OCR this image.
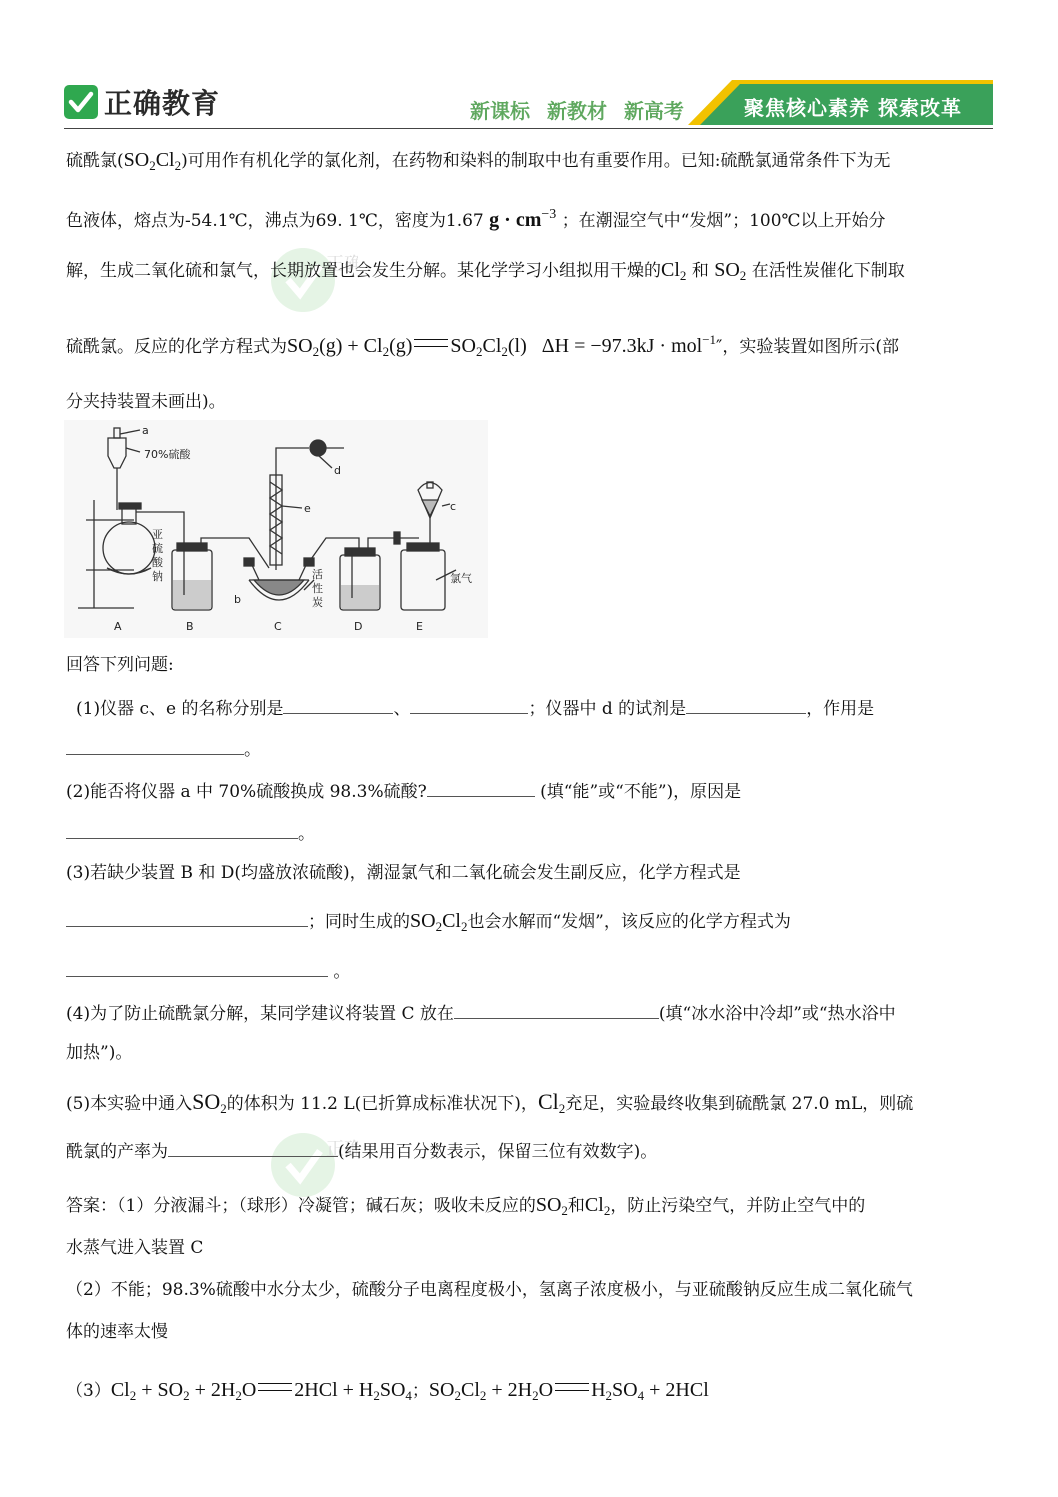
正确教育	新课标 新教材 新高考	聚焦核心素养 探索改革
正确
正确
硫酰氯$(SO_2Cl_2)$可用作有机化学的氯化剂，在药物和染料的制取中也有重要作用。已知:硫酰氯通常条件下为无
色液体，熔点为-54.1℃，沸点为69. 1℃，密度为1.67 $g \cdot cm^{-3}$ ；在潮湿空气中“发烟”；100℃以上开始分
解，生成二氧化硫和氯气，长期放置也会发生分解。某化学学习小组拟用干燥的$Cl_2$ 和 $SO_2$ 在活性炭催化下制取
硫酰氯。反应的化学方程式为$SO_2(g) + Cl_2(g)$ $SO_2Cl_2(l) \Delta H = -97.3kJ \cdot mol^{-1}''$，实验装置如图所示(部
分夹持装置未画出)。
a
70%硫酸
亚
硫
酸
钠
b
活
性
炭
d
e	c
氯气
A	B	C	D	E
回答下列问题:
(1)仪器 c、e 的名称分别是	、	；仪器中 d 的试剂是	，作用是
。
(2)能否将仪器 a 中 70%硫酸换成 98.3%硫酸?	(填“能”或“不能”)，原因是
。
(3)若缺少装置 B 和 D(均盛放浓硫酸)，潮湿氯气和二氧化硫会发生副反应，化学方程式是
；同时生成的$SO_2Cl_2$也会水解而“发烟”，该反应的化学方程式为
。
(4)为了防止硫酰氯分解，某同学建议将装置 C 放在	(填“冰水浴中冷却”或“热水浴中
加热”)。
(5)本实验中通入$SO_2$的体积为 11.2 L(已折算成标准状况下)，$Cl_2$充足，实验最终收集到硫酰氯 27.0 mL，则硫
酰氯的产率为	(结果用百分数表示，保留三位有效数字)。
答案：（1）分液漏斗；（球形）冷凝管；碱石灰；吸收未反应的$SO_2$和$Cl_2$，防止污染空气，并防止空气中的
水蒸气进入装置 C
（2）不能；98.3%硫酸中水分太少，硫酸分子电离程度极小，氢离子浓度极小，与亚硫酸钠反应生成二氧化硫气
体的速率太慢
$(3)Cl_2 + SO_2 + 2H_2O$ $2HCl + H_2SO_4$；$SO_2Cl_2 + 2H_2O$ $H_2SO_4 + 2HCl$
